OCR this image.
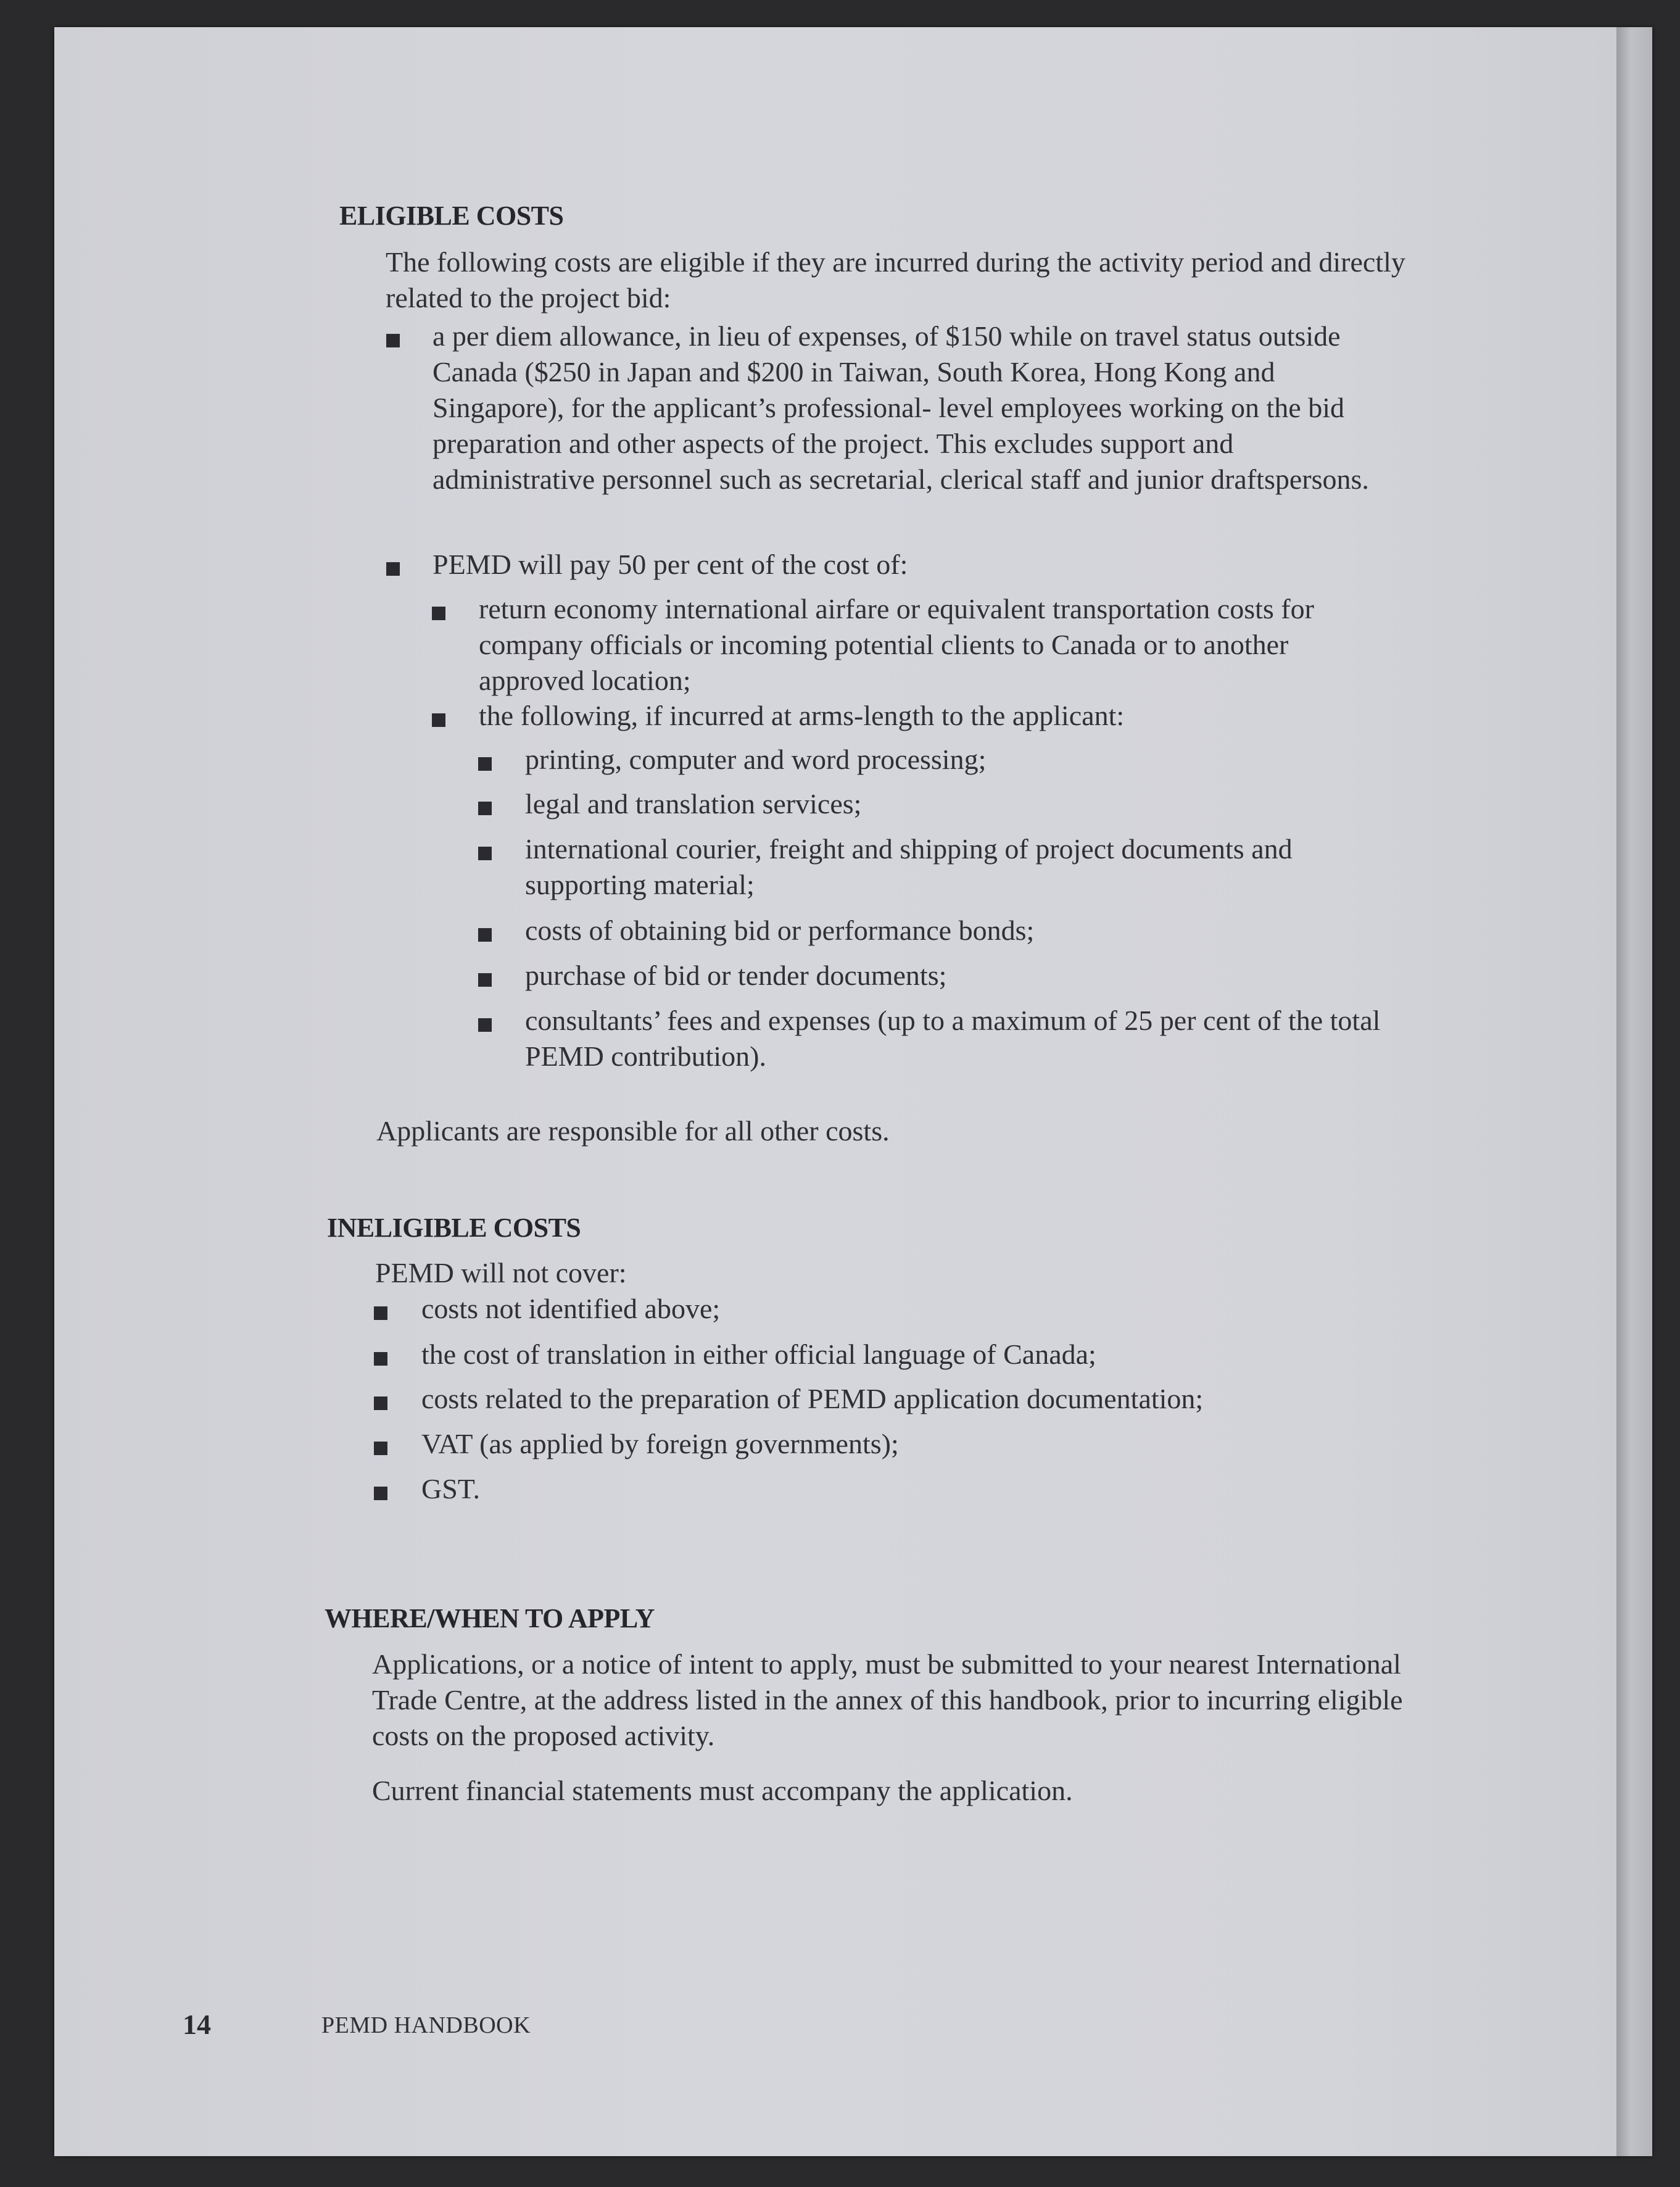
ELIGIBLE COSTS
The following costs are eligible if they are incurred during the activity period and directly related to the project bid:
a per diem allowance, in lieu of expenses, of $150 while on travel status outside Canada ($250 in Japan and $200 in Taiwan, South Korea, Hong Kong and Singapore), for the applicant’s professional- level employees working on the bid preparation and other aspects of the project. This excludes support and administrative personnel such as secretarial, clerical staff and junior draftspersons.
PEMD will pay 50 per cent of the cost of:
return economy international airfare or equivalent transportation costs for company officials or incoming potential clients to Canada or to another approved location;
the following, if incurred at arms-length to the applicant:
printing, computer and word processing;
legal and translation services;
international courier, freight and shipping of project documents and supporting material;
costs of obtaining bid or performance bonds;
purchase of bid or tender documents;
consultants’ fees and expenses (up to a maximum of 25 per cent of the total PEMD contribution).
Applicants are responsible for all other costs.
INELIGIBLE COSTS
PEMD will not cover:
costs not identified above;
the cost of translation in either official language of Canada;
costs related to the preparation of PEMD application documentation;
VAT (as applied by foreign governments);
GST.
WHERE/WHEN TO APPLY
Applications, or a notice of intent to apply, must be submitted to your nearest International Trade Centre, at the address listed in the annex of this handbook, prior to incurring eligible costs on the proposed activity.
Current financial statements must accompany the application.
14	PEMD HANDBOOK
